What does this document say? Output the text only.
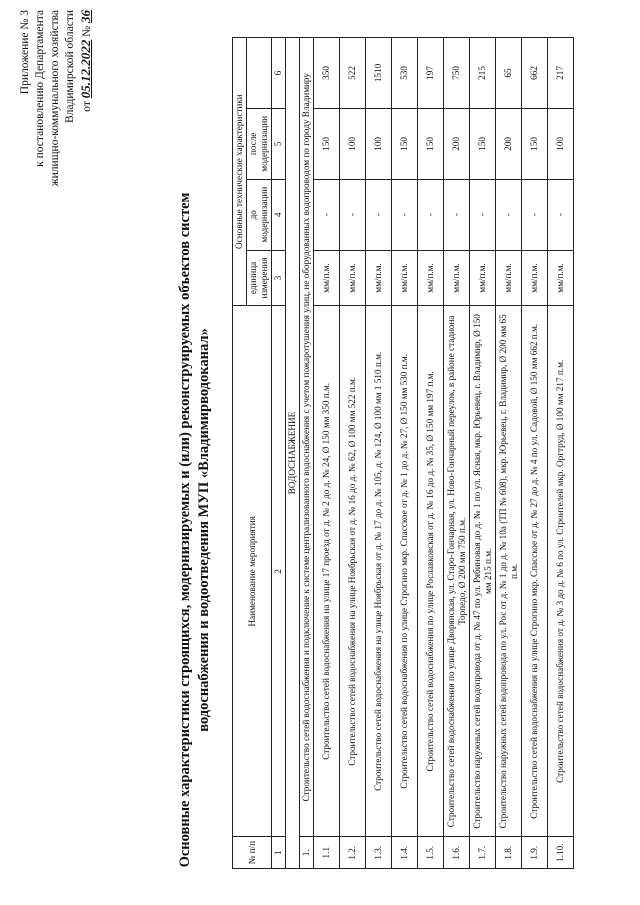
Приложение № 3 к постановлению Департамента жилищно-коммунального хозяйства Владимирской области от 05.12.2022 № 36
Основные характеристики строящихся, модернизируемых и (или) реконструируемых объектов систем водоснабжения и водоотведения МУП «Владимирводоканал»
№ п/п	Наименование мероприятия	Основные технические характеристики			
		единица измерения	до модернизации	после модернизации	
1	2	3	4	5	6
ВОДОСНАБЖЕНИЕ					
1.	Строительство сетей водоснабжения и подключение к системе централизованного водоснабжения с учетом пожаротушения улиц, не оборудованных водопроводом по городу Владимиру				
1.1	Строительство сетей водоснабжения на улице 17 проезд от д. № 2 до д. № 24, Ø 150 мм 350 п.м.	мм/п.м.	-	150	350
1.2.	Строительство сетей водоснабжения на улице Ноябрьская от д. № 16 до д. № 62, Ø 100 мм 522 п.м.	мм/п.м.	-	100	522
1.3.	Строительство сетей водоснабжения на улице Ноябрьская от д. № 17 до д. № 105, д. № 124, Ø 100 мм 1 510 п.м.	мм/п.м.	-	100	1510
1.4.	Строительство сетей водоснабжения по улице Строгино мкр. Спасское от д. № 1 до д. № 27, Ø 150 мм 530 п.м.	мм/п.м.	-	150	530
1.5.	Строительство сетей водоснабжения по улице Рославковская от д. № 16 до д. № 35, Ø 150 мм 197 п.м.	мм/п.м.	-	150	197
1.6.	Строительство сетей водоснабжения по улице Дворянская, ул. Старо-Гончарная, ул. Ново-Гончарный переулок, в районе стадиона Торпедо, Ø 200 мм 750 п.м.	мм/п.м.	-	200	750
1.7.	Строительство наружных сетей водопровода от д. № 47 по ул. Рябиновая до д. № 1 по ул. Ясная, мкр. Юрьевец, г. Владимир, Ø 150 мм 215 п.м.	мм/п.м.	-	150	215
1.8.	Строительство наружных сетей водопровода по ул. Рос от д. № 1 до д. № 10а (ТП № 608), мкр. Юрьевец, г. Владимир, Ø 200 мм 65 п.м.	мм/п.м.	-	200	65
1.9.	Строительство сетей водоснабжения на улице Строгино мкр. Спасское от д. № 27 до д. № 4 по ул. Садовой, Ø 150 мм 662 п.м.	мм/п.м.	-	150	662
1.10.	Строительство сетей водоснабжения от д. № 3 до д. № 6 по ул. Строителей мкр. Оргтруд, Ø 100 мм 217 п.м.	мм/п.м.	-	100	217
